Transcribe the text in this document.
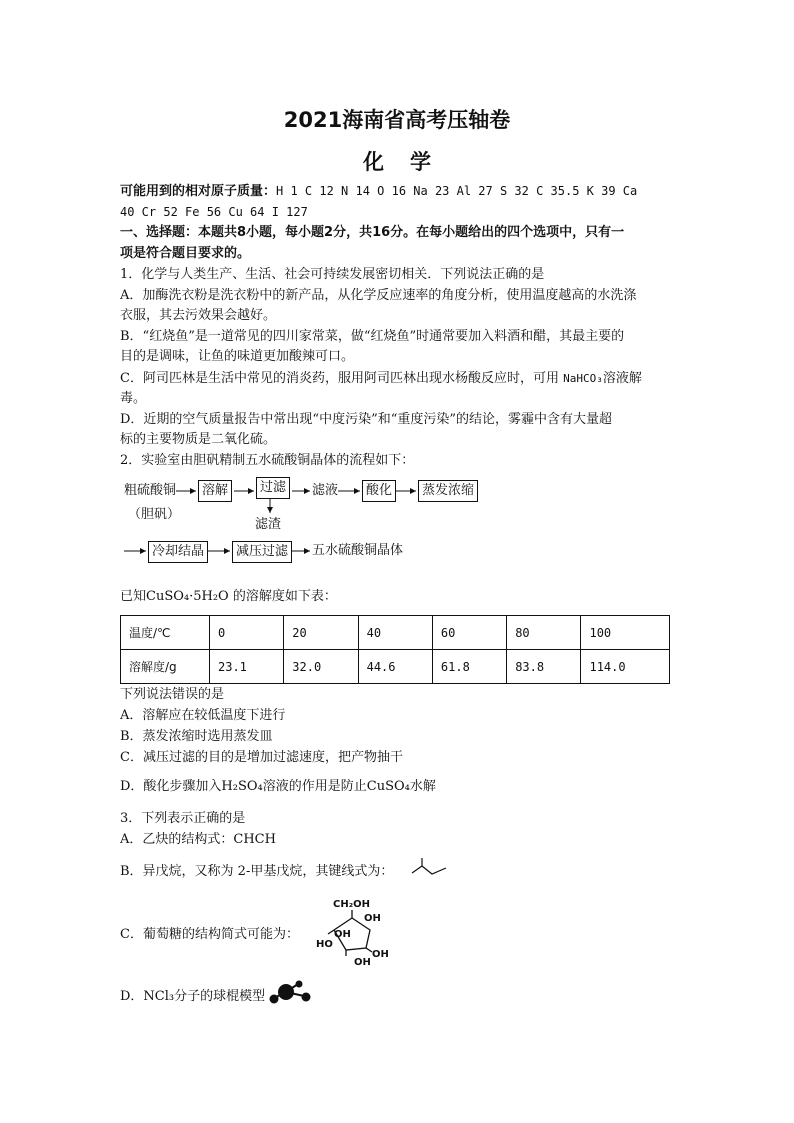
2021海南省高考压轴卷
化学
可能用到的相对原子质量：H 1 C 12 N 14 O 16 Na 23 Al 27 S 32 C 35.5 K 39 Ca
40 Cr 52 Fe 56 Cu 64 I 127
一、选择题：本题共8小题，每小题2分，共16分。在每小题给出的四个选项中，只有一
项是符合题目要求的。
1．化学与人类生产、生活、社会可持续发展密切相关．下列说法正确的是
A．加酶洗衣粉是洗衣粉中的新产品，从化学反应速率的角度分析，使用温度越高的水洗涤
衣服，其去污效果会越好。
B．“红烧鱼”是一道常见的四川家常菜，做“红烧鱼”时通常要加入料酒和醋，其最主要的
目的是调味，让鱼的味道更加酸辣可口。
C．阿司匹林是生活中常见的消炎药，服用阿司匹林出现水杨酸反应时，可用 NaHCO₃溶液解
毒。
D．近期的空气质量报告中常出现“中度污染”和“重度污染”的结论，雾霾中含有大量超
标的主要物质是二氧化硫。
2．实验室由胆矾精制五水硫酸铜晶体的流程如下：
粗硫酸铜
（胆矾）
溶解	过滤
滤渣
滤液	酸化	蒸发浓缩
冷却结晶	减压过滤	五水硫酸铜晶体
已知CuSO₄·5H₂O 的溶解度如下表：
温度/℃	0	20	40	60	80	100
溶解度/g	23.1	32.0	44.6	61.8	83.8	114.0
下列说法错误的是
A．溶解应在较低温度下进行
B．蒸发浓缩时选用蒸发皿
C．减压过滤的目的是增加过滤速度，把产物抽干
D．酸化步骤加入H₂SO₄溶液的作用是防止CuSO₄水解
3．下列表示正确的是
A．乙炔的结构式：CHCH
B．异戊烷，又称为 2-甲基戊烷，其键线式为：
C．葡萄糖的结构简式可能为：
CH₂OH
OH
OH
HO
OH
OH
D．NCl₃分子的球棍模型
